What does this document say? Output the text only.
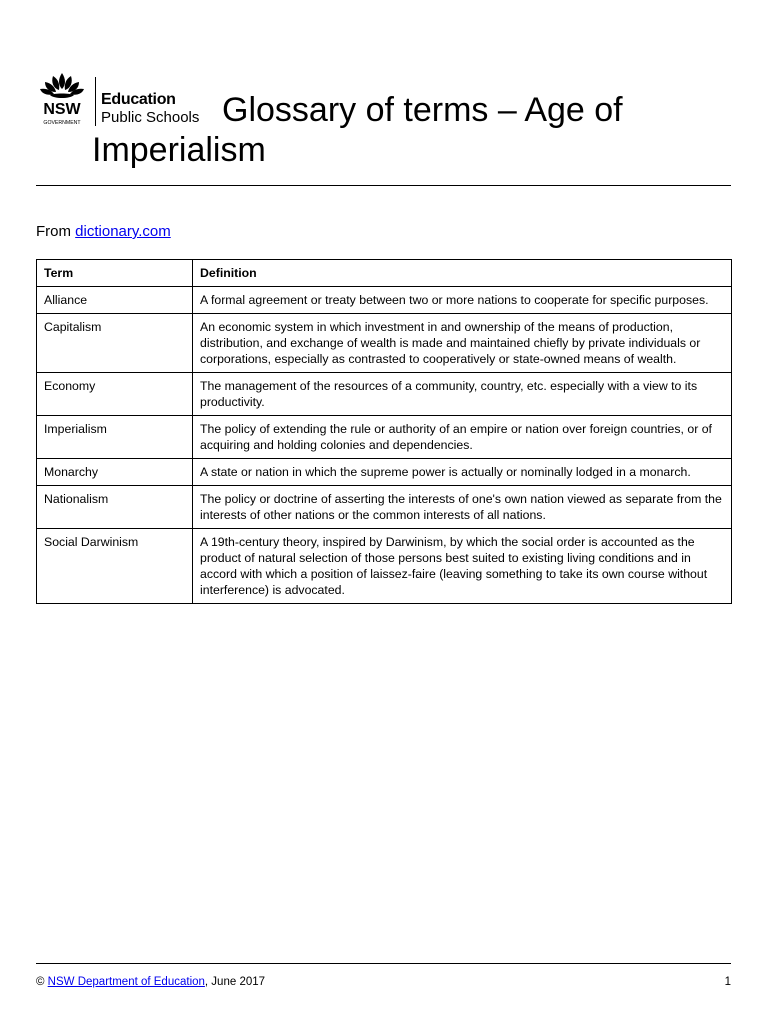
NSW
GOVERNMENT
Education
Public Schools Glossary of terms – Age of Imperialism
From dictionary.com
Term	Definition
Alliance	A formal agreement or treaty between two or more nations to cooperate for specific purposes.
Capitalism	An economic system in which investment in and ownership of the means of production, distribution, and exchange of wealth is made and maintained chiefly by private individuals or corporations, especially as contrasted to cooperatively or state-owned means of wealth.
Economy	The management of the resources of a community, country, etc. especially with a view to its productivity.
Imperialism	The policy of extending the rule or authority of an empire or nation over foreign countries, or of acquiring and holding colonies and dependencies.
Monarchy	A state or nation in which the supreme power is actually or nominally lodged in a monarch.
Nationalism	The policy or doctrine of asserting the interests of one's own nation viewed as separate from the interests of other nations or the common interests of all nations.
Social Darwinism	A 19th-century theory, inspired by Darwinism, by which the social order is accounted as the product of natural selection of those persons best suited to existing living conditions and in accord with which a position of laissez-faire (leaving something to take its own course without interference) is advocated.
© NSW Department of Education, June 2017	1
